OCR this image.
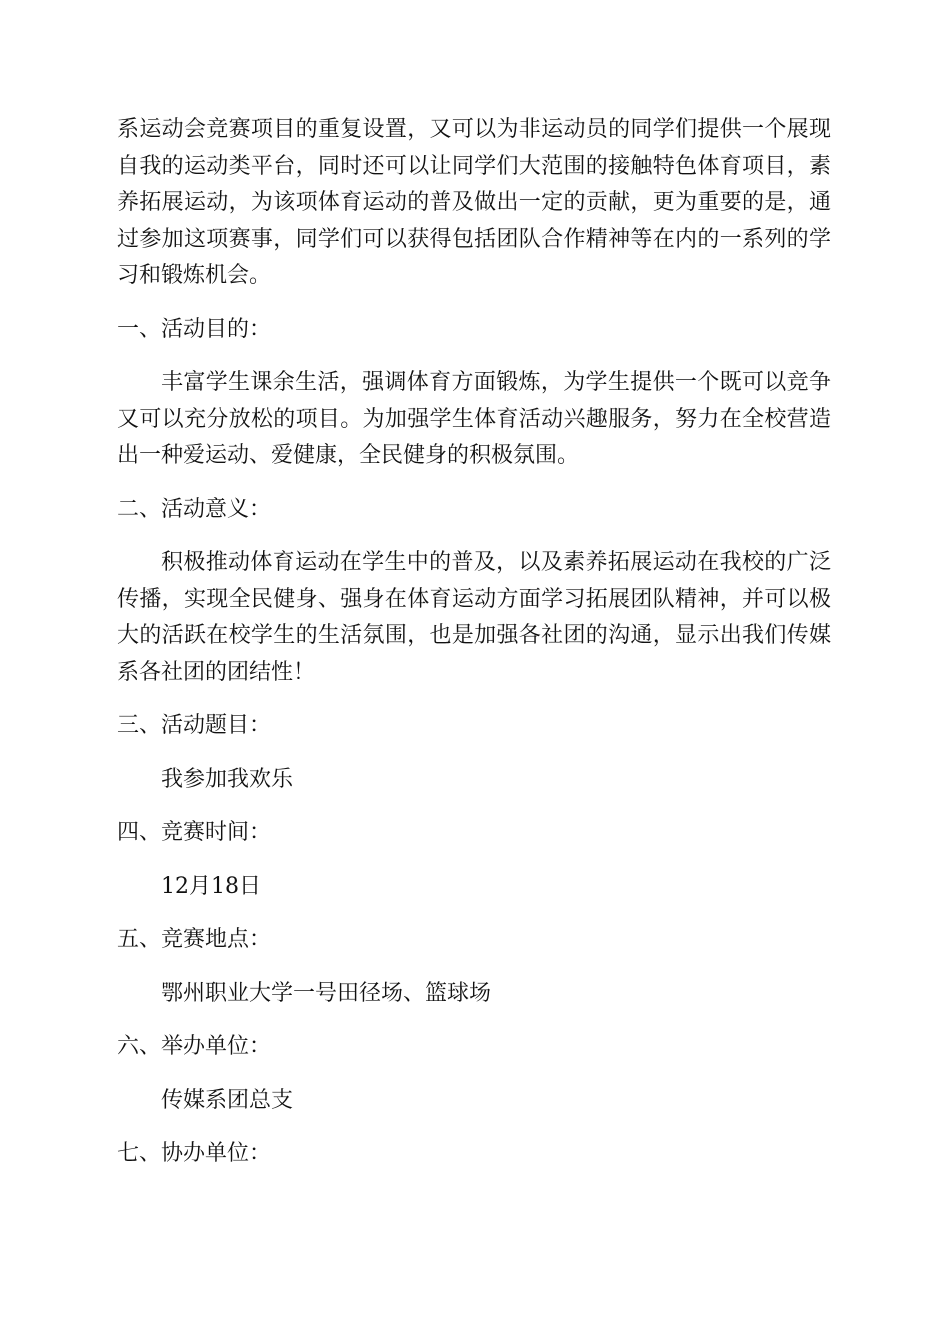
系运动会竞赛项目的重复设置，又可以为非运动员的同学们提供一个展现自我的运动类平台，同时还可以让同学们大范围的接触特色体育项目，素养拓展运动，为该项体育运动的普及做出一定的贡献，更为重要的是，通过参加这项赛事，同学们可以获得包括团队合作精神等在内的一系列的学习和锻炼机会。

一、活动目的：

丰富学生课余生活，强调体育方面锻炼，为学生提供一个既可以竞争又可以充分放松的项目。为加强学生体育活动兴趣服务，努力在全校营造出一种爱运动、爱健康，全民健身的积极氛围。

二、活动意义：

积极推动体育运动在学生中的普及，以及素养拓展运动在我校的广泛传播，实现全民健身、强身在体育运动方面学习拓展团队精神，并可以极大的活跃在校学生的生活氛围，也是加强各社团的沟通，显示出我们传媒系各社团的团结性！

三、活动题目：

我参加我欢乐

四、竞赛时间：

12月18日

五、竞赛地点：

鄂州职业大学一号田径场、篮球场

六、举办单位：

传媒系团总支

七、协办单位：
